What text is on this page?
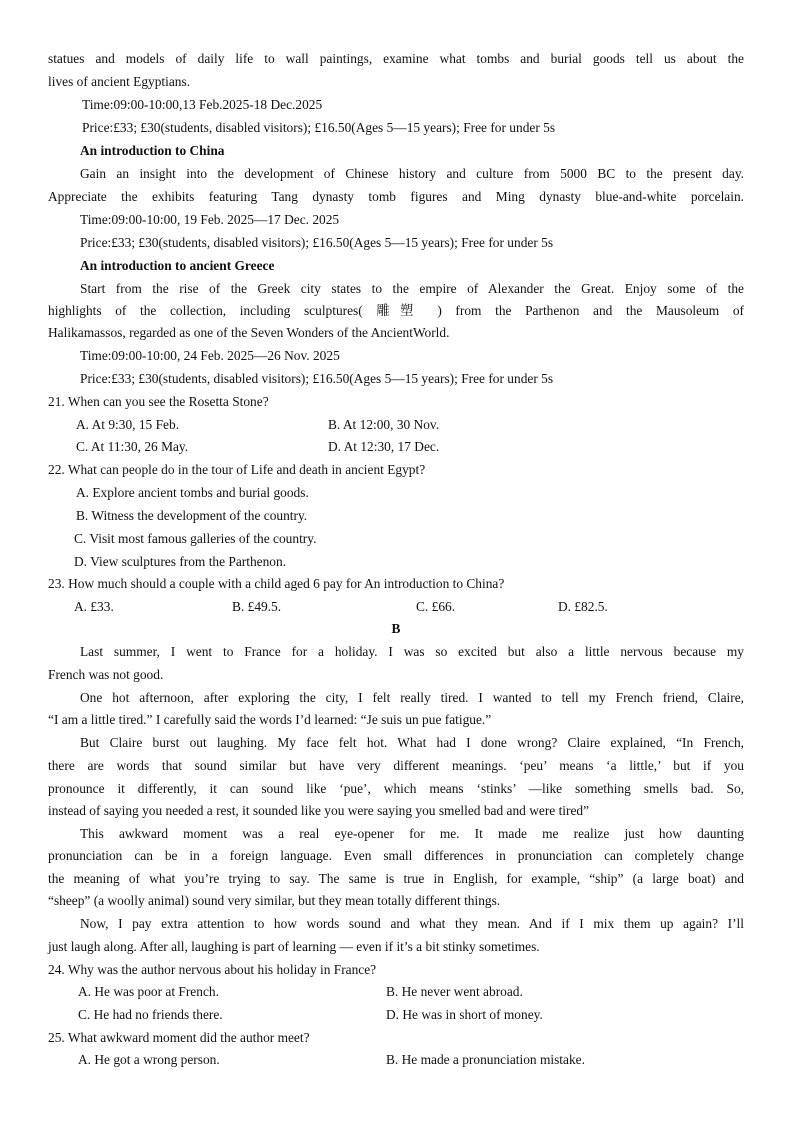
statues and models of daily life to wall paintings, examine what tombs and burial goods tell us about the
lives of ancient Egyptians.
Time:09:00-10:00,13 Feb.2025-18 Dec.2025
Price:£33; £30(students, disabled visitors); £16.50(Ages 5—15 years); Free for under 5s
An introduction to China
Gain an insight into the development of Chinese history and culture from 5000 BC to the present day.
Appreciate the exhibits featuring Tang dynasty tomb figures and Ming dynasty blue-and-white porcelain.
Time:09:00-10:00, 19 Feb. 2025—17 Dec. 2025
Price:£33; £30(students, disabled visitors); £16.50(Ages 5—15 years); Free for under 5s
An introduction to ancient Greece
Start from the rise of the Greek city states to the empire of Alexander the Great. Enjoy some of the
highlights of the collection, including sculptures( 雕塑 ) from the Parthenon and the Mausoleum of
Halikamassos, regarded as one of the Seven Wonders of the AncientWorld.
Time:09:00-10:00, 24 Feb. 2025—26 Nov. 2025
Price:£33; £30(students, disabled visitors); £16.50(Ages 5—15 years); Free for under 5s
21. When can you see the Rosetta Stone?
A. At 9:30, 15 Feb.	B. At 12:00, 30 Nov.
C. At 11:30, 26 May.	D. At 12:30, 17 Dec.
22. What can people do in the tour of Life and death in ancient Egypt?
A. Explore ancient tombs and burial goods.
B. Witness the development of the country.
C. Visit most famous galleries of the country.
D. View sculptures from the Parthenon.
23. How much should a couple with a child aged 6 pay for An introduction to China?
A. £33.	B. £49.5.	C. £66.	D. £82.5.
B
Last summer, I went to France for a holiday. I was so excited but also a little nervous because my
French was not good.
One hot afternoon, after exploring the city, I felt really tired. I wanted to tell my French friend, Claire,
“I am a little tired.” I carefully said the words I’d learned: “Je suis un pue fatigue.”
But Claire burst out laughing. My face felt hot. What had I done wrong? Claire explained, “In French,
there are words that sound similar but have very different meanings. ‘peu’ means ‘a little,’ but if you
pronounce it differently, it can sound like ‘pue’, which means ‘stinks’ —like something smells bad. So,
instead of saying you needed a rest, it sounded like you were saying you smelled bad and were tired”
This awkward moment was a real eye-opener for me. It made me realize just how daunting
pronunciation can be in a foreign language. Even small differences in pronunciation can completely change
the meaning of what you’re trying to say. The same is true in English, for example, “ship” (a large boat) and
“sheep” (a woolly animal) sound very similar, but they mean totally different things.
Now, I pay extra attention to how words sound and what they mean. And if I mix them up again? I’ll
just laugh along. After all, laughing is part of learning — even if it’s a bit stinky sometimes.
24. Why was the author nervous about his holiday in France?
A. He was poor at French.	B. He never went abroad.
C. He had no friends there.	D. He was in short of money.
25. What awkward moment did the author meet?
A. He got a wrong person.	B. He made a pronunciation mistake.
